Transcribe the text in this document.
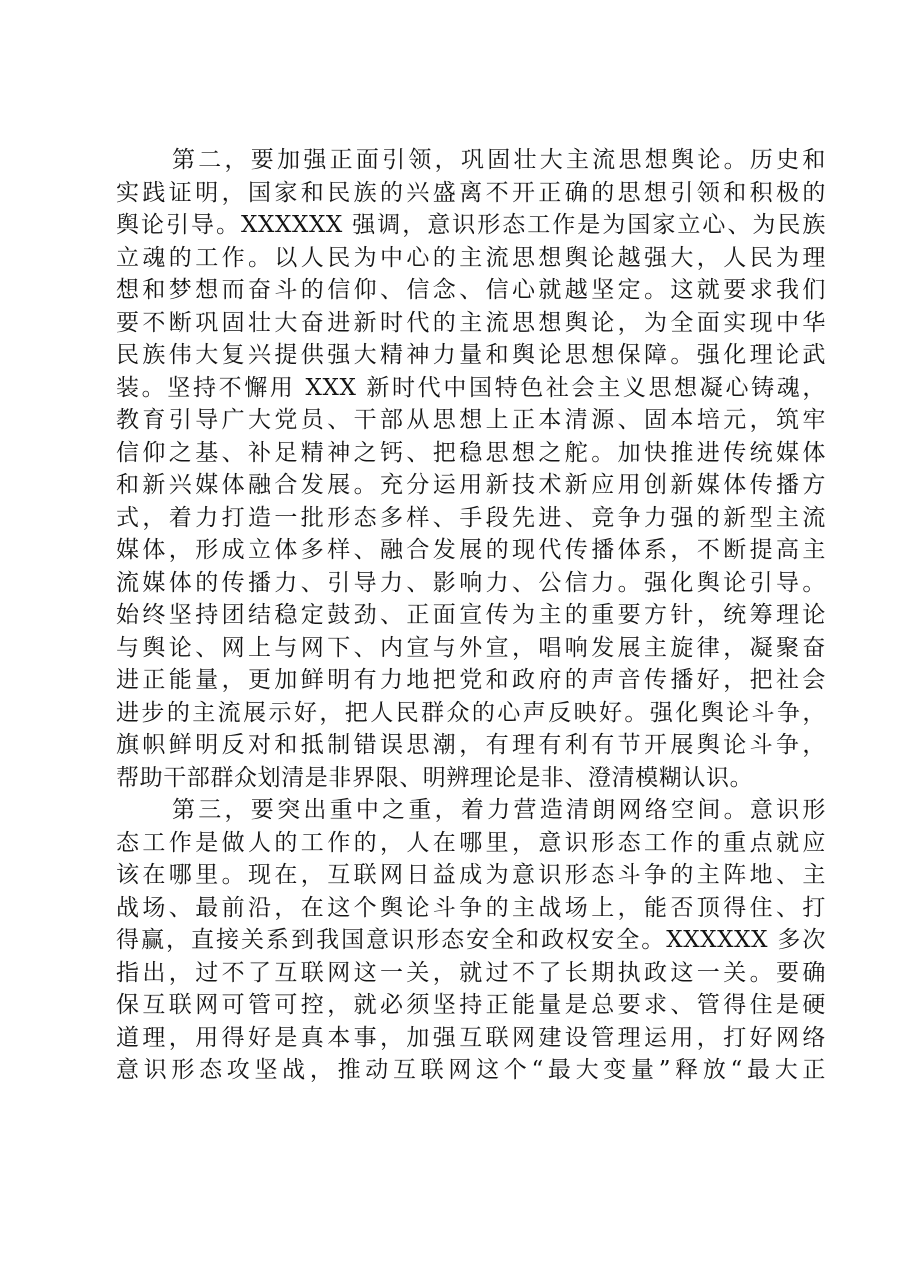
第二，要加强正面引领，巩固壮大主流思想舆论。历史和
实践证明，国家和民族的兴盛离不开正确的思想引领和积极的
舆论引导。XXXXXX 强调，意识形态工作是为国家立心、为民族
立魂的工作。以人民为中心的主流思想舆论越强大，人民为理
想和梦想而奋斗的信仰、信念、信心就越坚定。这就要求我们
要不断巩固壮大奋进新时代的主流思想舆论，为全面实现中华
民族伟大复兴提供强大精神力量和舆论思想保障。强化理论武
装。坚持不懈用 XXX 新时代中国特色社会主义思想凝心铸魂，
教育引导广大党员、干部从思想上正本清源、固本培元，筑牢
信仰之基、补足精神之钙、把稳思想之舵。加快推进传统媒体
和新兴媒体融合发展。充分运用新技术新应用创新媒体传播方
式，着力打造一批形态多样、手段先进、竞争力强的新型主流
媒体，形成立体多样、融合发展的现代传播体系，不断提高主
流媒体的传播力、引导力、影响力、公信力。强化舆论引导。
始终坚持团结稳定鼓劲、正面宣传为主的重要方针，统筹理论
与舆论、网上与网下、内宣与外宣，唱响发展主旋律，凝聚奋
进正能量，更加鲜明有力地把党和政府的声音传播好，把社会
进步的主流展示好，把人民群众的心声反映好。强化舆论斗争，
旗帜鲜明反对和抵制错误思潮，有理有利有节开展舆论斗争，
帮助干部群众划清是非界限、明辨理论是非、澄清模糊认识。
第三，要突出重中之重，着力营造清朗网络空间。意识形
态工作是做人的工作的，人在哪里，意识形态工作的重点就应
该在哪里。现在，互联网日益成为意识形态斗争的主阵地、主
战场、最前沿，在这个舆论斗争的主战场上，能否顶得住、打
得赢，直接关系到我国意识形态安全和政权安全。XXXXXX 多次
指出，过不了互联网这一关，就过不了长期执政这一关。要确
保互联网可管可控，就必须坚持正能量是总要求、管得住是硬
道理，用得好是真本事，加强互联网建设管理运用，打好网络
意识形态攻坚战，推动互联网这个“最大变量”释放“最大正
